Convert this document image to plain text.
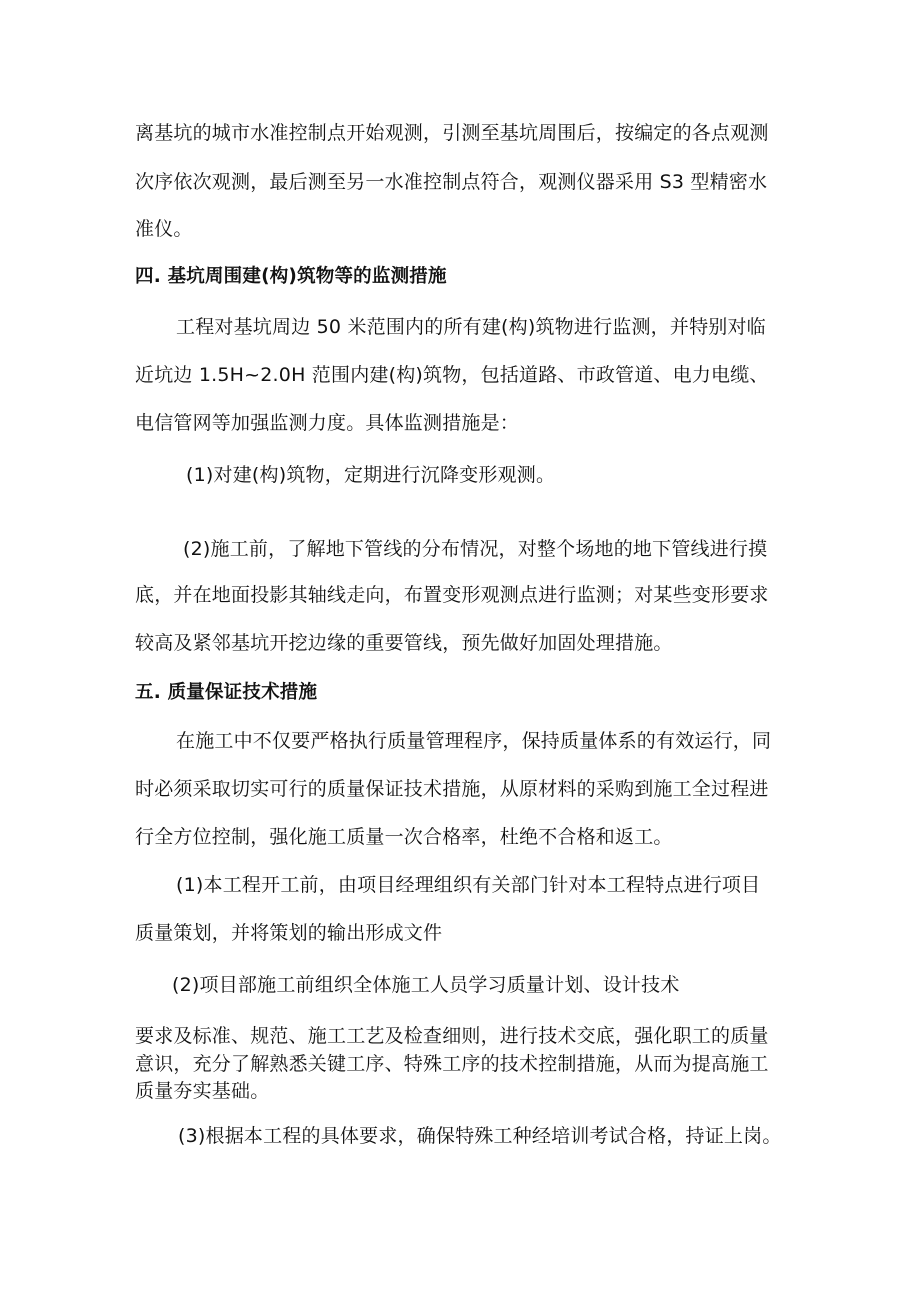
离基坑的城市水准控制点开始观测，引测至基坑周围后，按编定的各点观测
次序依次观测，最后测至另一水准控制点符合，观测仪器采用 S3 型精密水
准仪。
四. 基坑周围建(构)筑物等的监测措施
工程对基坑周边 50 米范围内的所有建(构)筑物进行监测，并特别对临
近坑边 1.5H~2.0H 范围内建(构)筑物，包括道路、市政管道、电力电缆、
电信管网等加强监测力度。具体监测措施是：
(1)对建(构)筑物，定期进行沉降变形观测。
(2)施工前，了解地下管线的分布情况，对整个场地的地下管线进行摸
底，并在地面投影其轴线走向，布置变形观测点进行监测；对某些变形要求
较高及紧邻基坑开挖边缘的重要管线，预先做好加固处理措施。
五. 质量保证技术措施
在施工中不仅要严格执行质量管理程序，保持质量体系的有效运行，同
时必须采取切实可行的质量保证技术措施，从原材料的采购到施工全过程进
行全方位控制，强化施工质量一次合格率，杜绝不合格和返工。
(1)本工程开工前，由项目经理组织有关部门针对本工程特点进行项目
质量策划，并将策划的输出形成文件
(2)项目部施工前组织全体施工人员学习质量计划、设计技术
要求及标准、规范、施工工艺及检查细则，进行技术交底，强化职工的质量
意识，充分了解熟悉关键工序、特殊工序的技术控制措施，从而为提高施工
质量夯实基础。
(3)根据本工程的具体要求，确保特殊工种经培训考试合格，持证上岗。
